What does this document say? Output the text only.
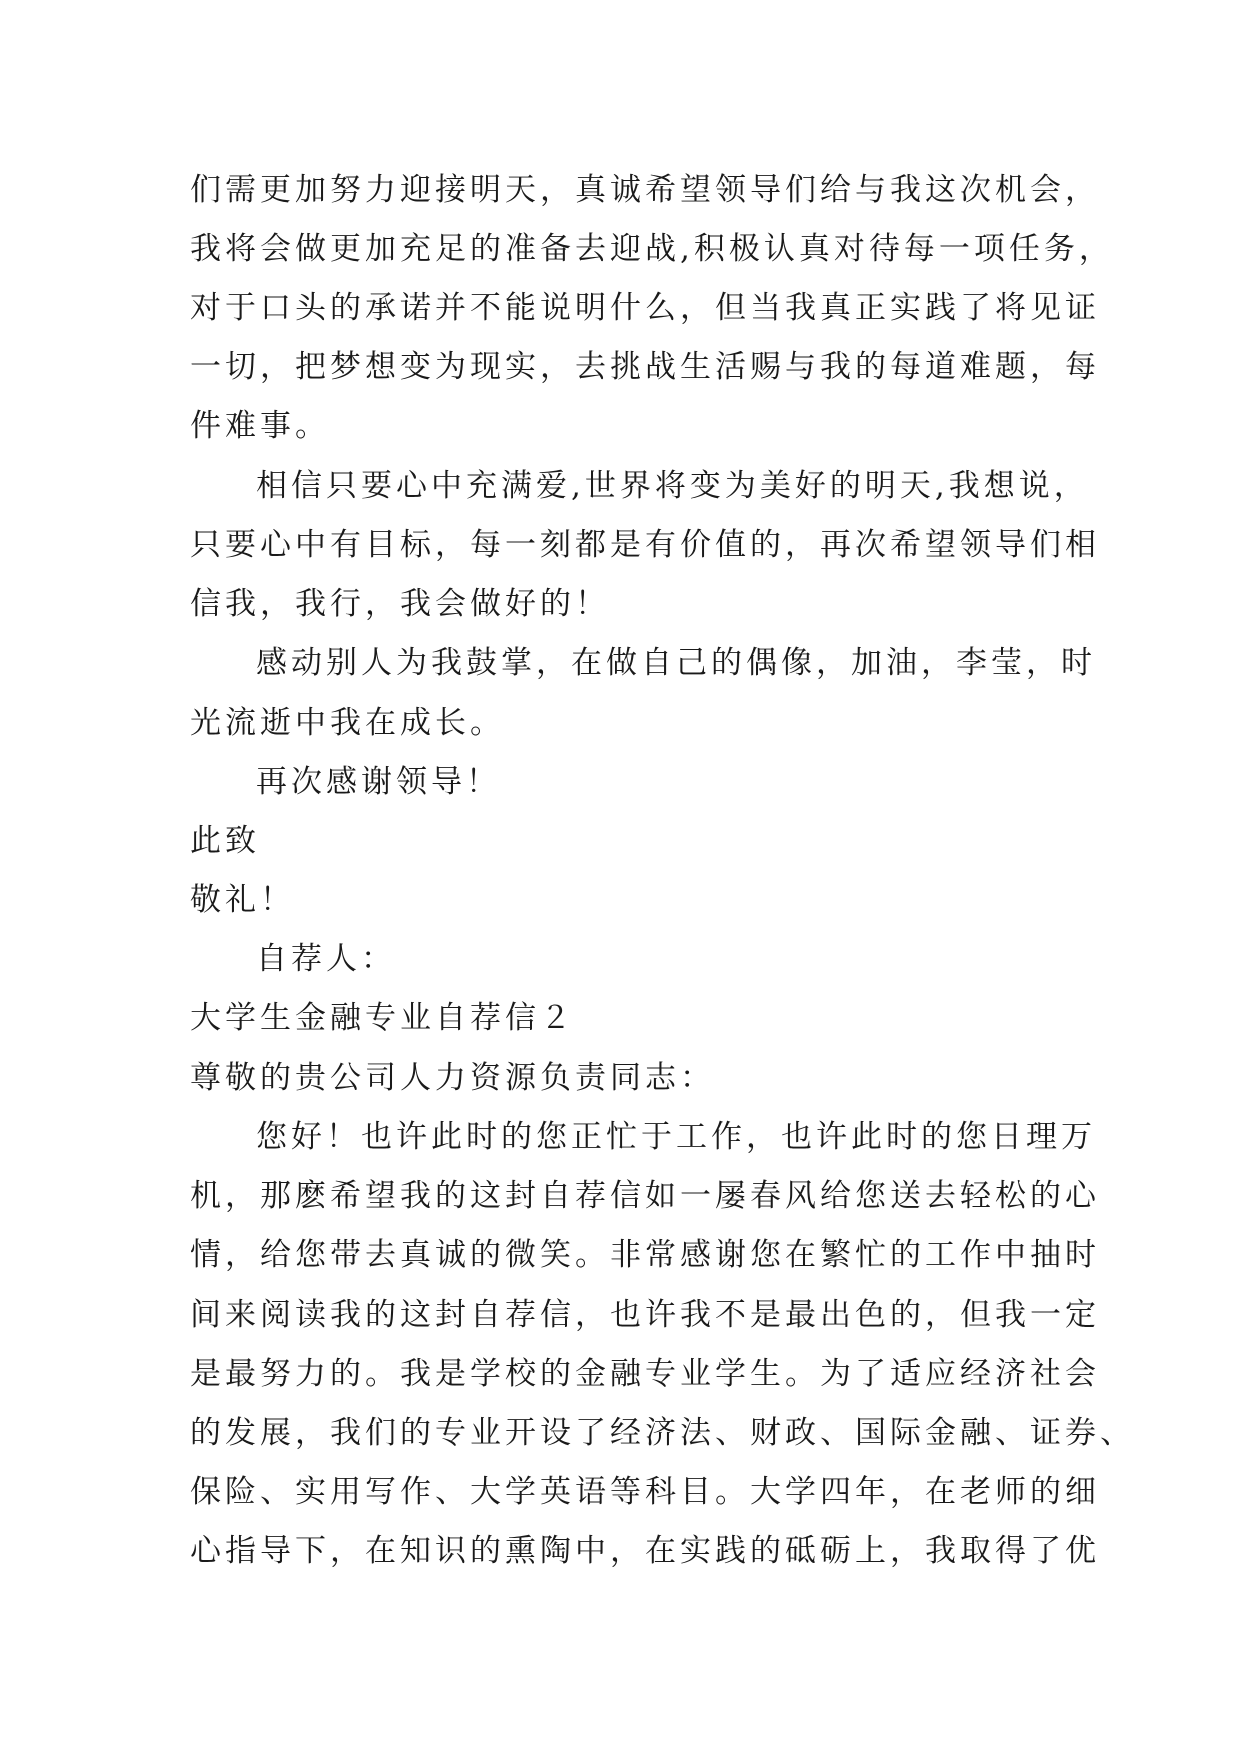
们需更加努力迎接明天，真诚希望领导们给与我这次机会，
我将会做更加充足的准备去迎战,积极认真对待每一项任务，
对于口头的承诺并不能说明什么，但当我真正实践了将见证
一切，把梦想变为现实，去挑战生活赐与我的每道难题，每
件难事。
相信只要心中充满爱,世界将变为美好的明天,我想说，
只要心中有目标，每一刻都是有价值的，再次希望领导们相
信我，我行，我会做好的！
感动别人为我鼓掌，在做自己的偶像，加油，李莹，时
光流逝中我在成长。
再次感谢领导！
此致
敬礼！
自荐人：
大学生金融专业自荐信２
尊敬的贵公司人力资源负责同志：
您好！也许此时的您正忙于工作，也许此时的您日理万
机，那麽希望我的这封自荐信如一屡春风给您送去轻松的心
情，给您带去真诚的微笑。非常感谢您在繁忙的工作中抽时
间来阅读我的这封自荐信，也许我不是最出色的，但我一定
是最努力的。我是学校的金融专业学生。为了适应经济社会
的发展，我们的专业开设了经济法、财政、国际金融、证券、
保险、实用写作、大学英语等科目。大学四年，在老师的细
心指导下，在知识的熏陶中，在实践的砥砺上，我取得了优
